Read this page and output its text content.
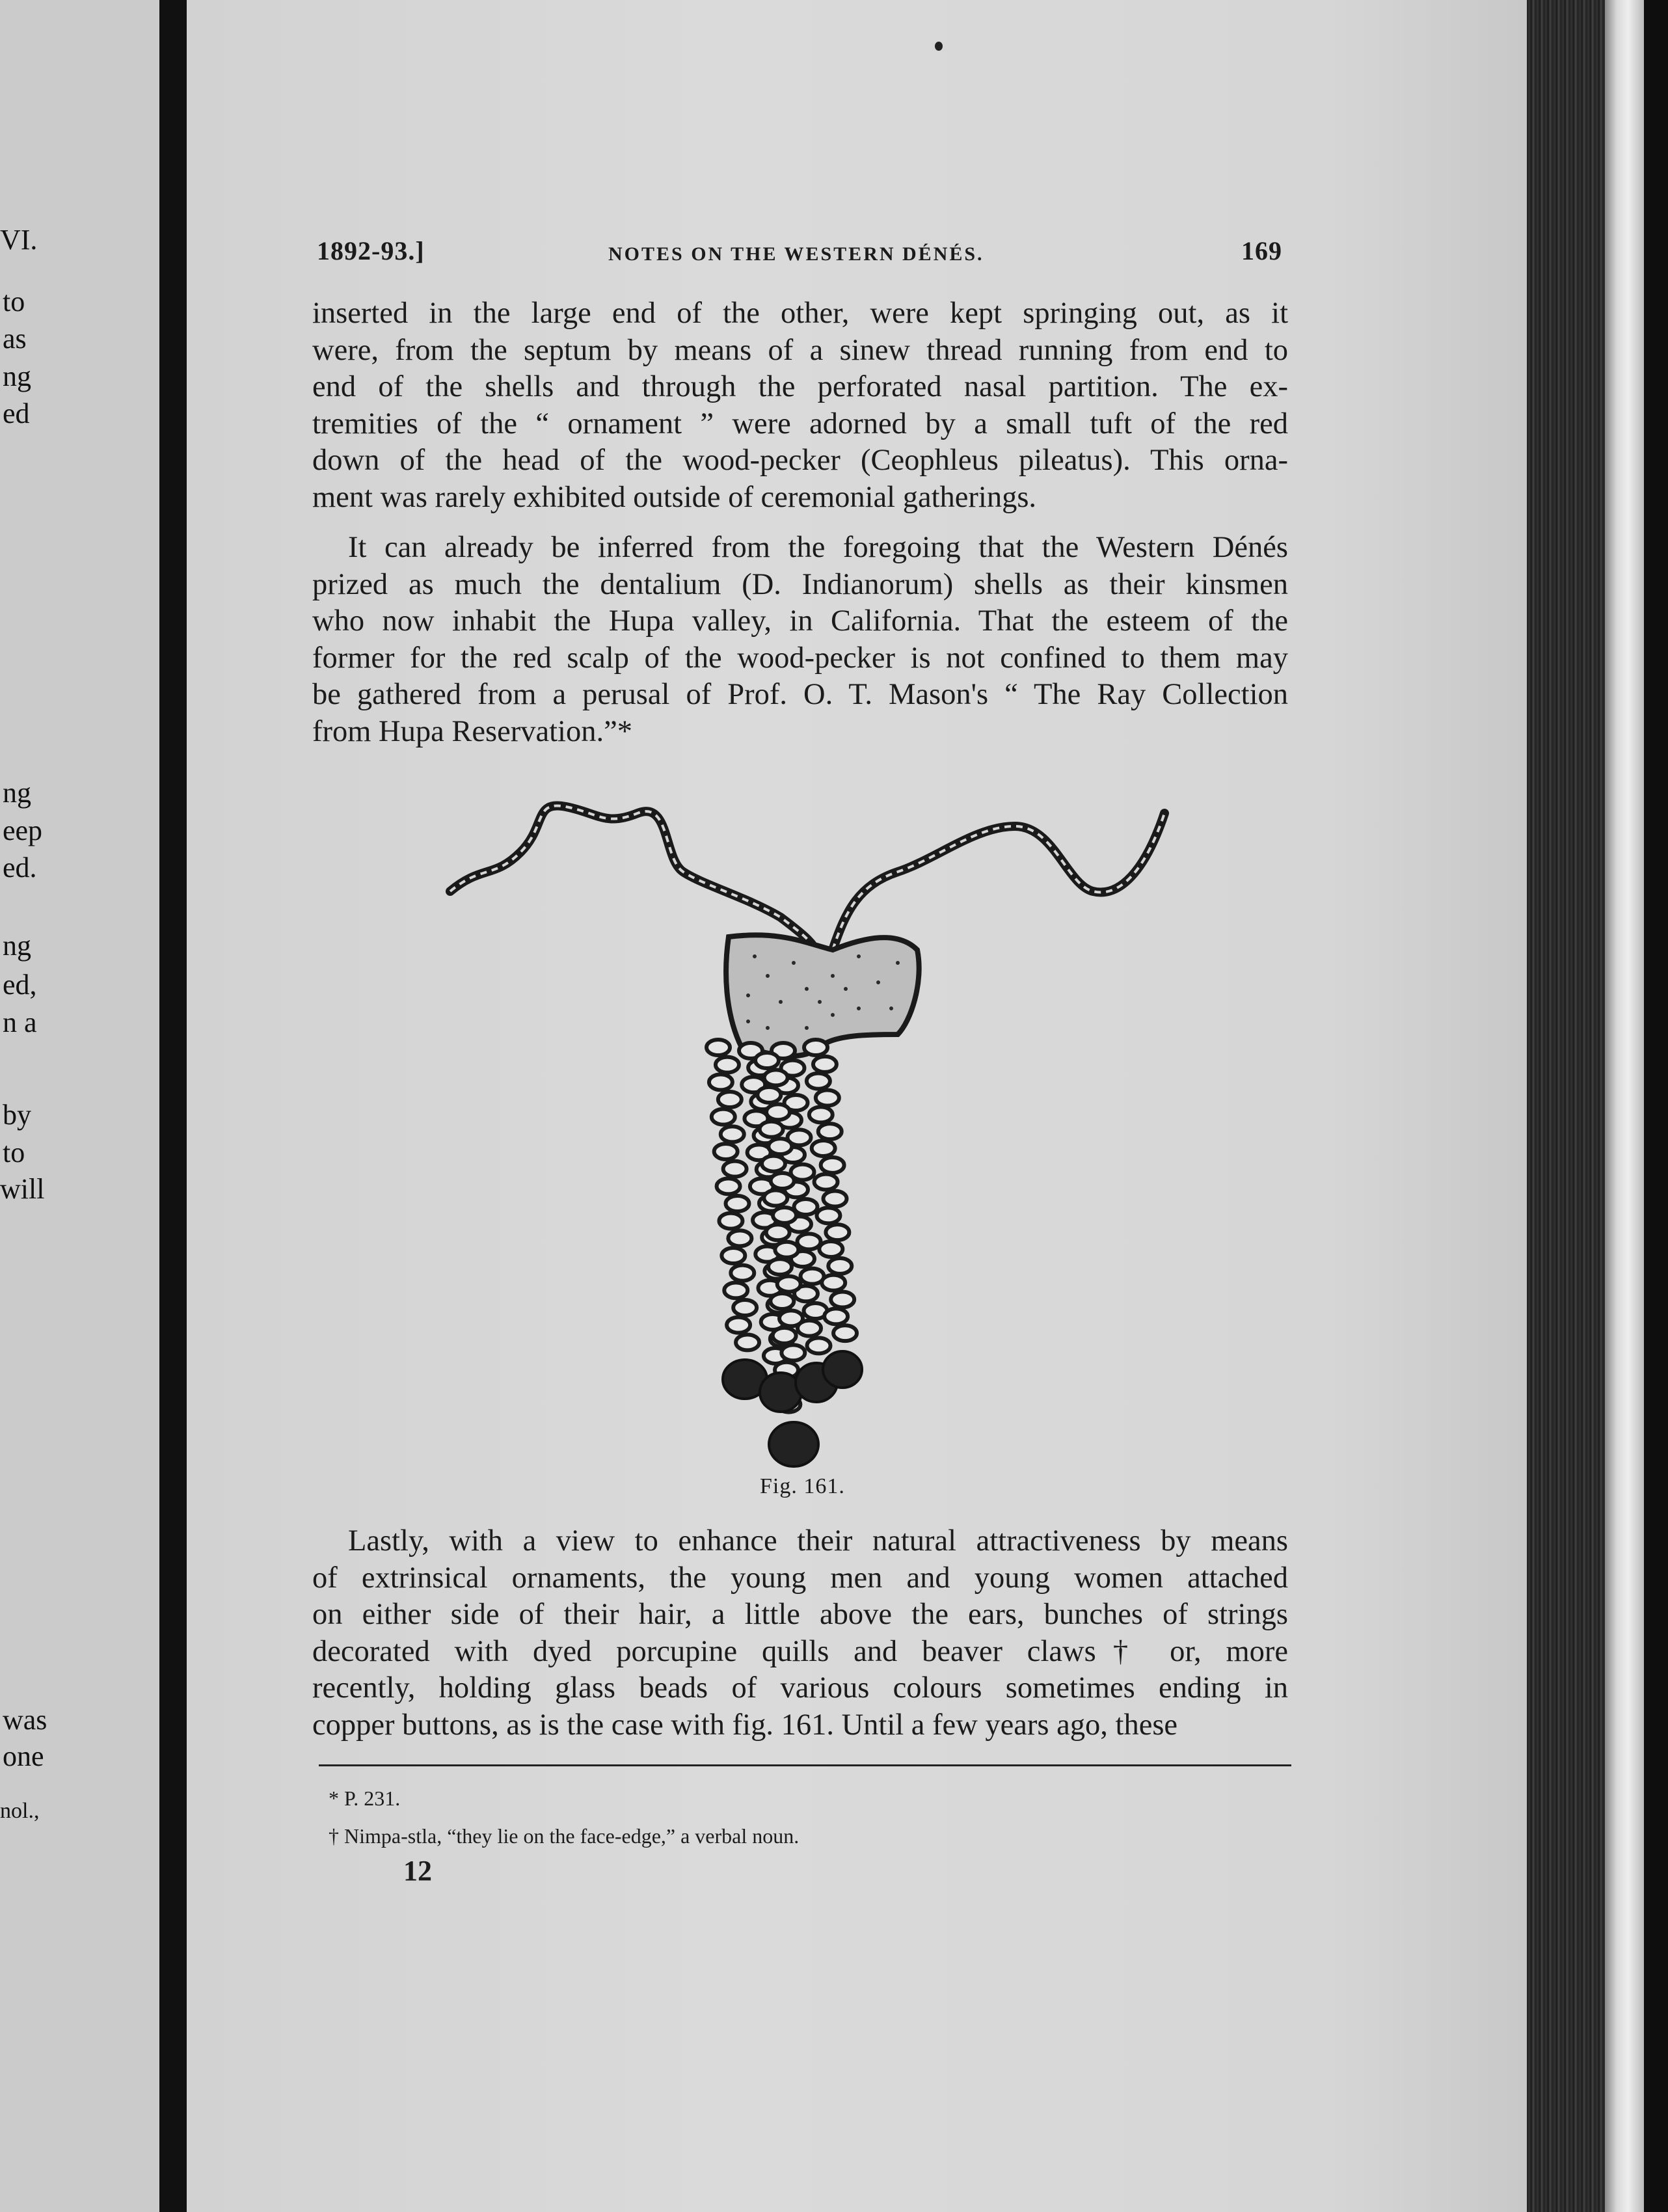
VI.
to
as
ng
ed
ng
eep
ed.
ng
ed,
n a
by
to
will
was
one
nol.,
1892-93.]	NOTES ON THE WESTERN DÉNÉS.	169
inserted in the large end of the other, were kept springing out, as it
were, from the septum by means of a sinew thread running from end to
end of the shells and through the perforated nasal partition. The ex-
tremities of the “ ornament ” were adorned by a small tuft of the red
down of the head of the wood-pecker (Ceophleus pileatus). This orna-
ment was rarely exhibited outside of ceremonial gatherings.
It can already be inferred from the foregoing that the Western Dénés
prized as much the dentalium (D. Indianorum) shells as their kinsmen
who now inhabit the Hupa valley, in California. That the esteem of the
former for the red scalp of the wood-pecker is not confined to them may
be gathered from a perusal of Prof. O. T. Mason's “ The Ray Collection
from Hupa Reservation.”*
Fig. 161.
Lastly, with a view to enhance their natural attractiveness by means
of extrinsical ornaments, the young men and young women attached
on either side of their hair, a little above the ears, bunches of strings
decorated with dyed porcupine quills and beaver claws† or, more
recently, holding glass beads of various colours sometimes ending in
copper buttons, as is the case with fig. 161. Until a few years ago, these
* P. 231.
† Nimpa-stla, “they lie on the face-edge,” a verbal noun.
12
